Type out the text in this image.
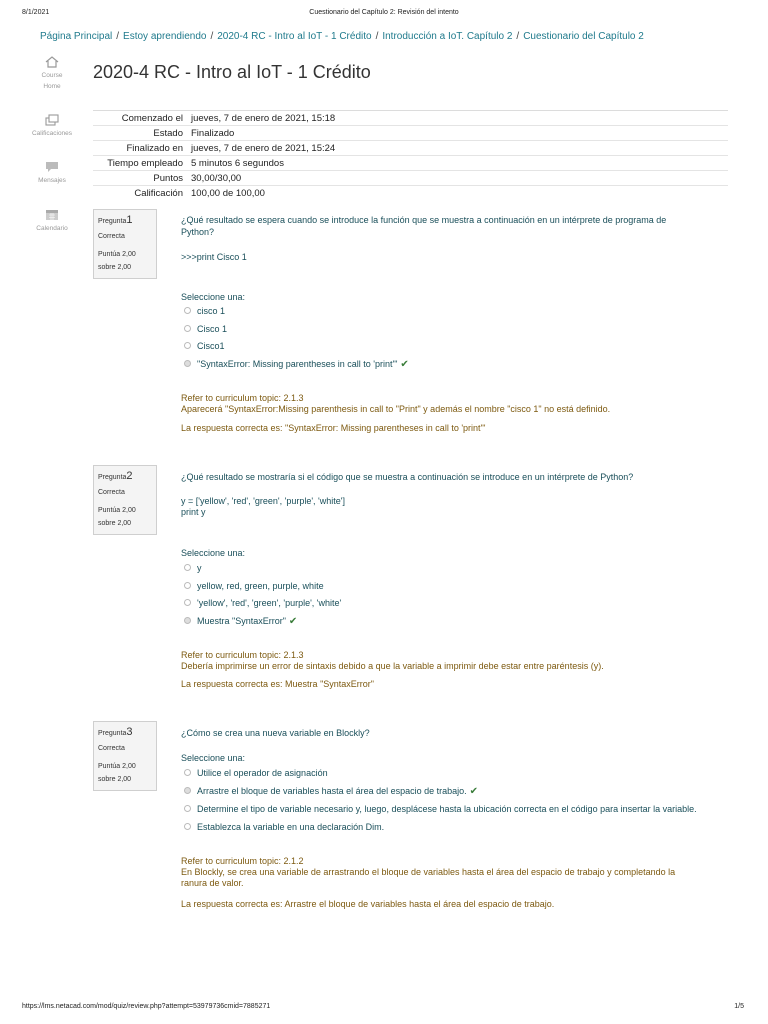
8/1/2021	Cuestionario del Capítulo 2: Revisión del intento
Página Principal / Estoy aprendiendo / 2020-4 RC - Intro al IoT - 1 Crédito / Introducción a IoT. Capítulo 2 / Cuestionario del Capítulo 2
Course
Home
Calificaciones
Mensajes
Calendario
2020-4 RC - Intro al IoT - 1 Crédito
Comenzado el	jueves, 7 de enero de 2021, 15:18
Estado	Finalizado
Finalizado en	jueves, 7 de enero de 2021, 15:24
Tiempo empleado	5 minutos 6 segundos
Puntos	30,00/30,00
Calificación	100,00 de 100,00
Pregunta1
Correcta
Puntúa 2,00
sobre 2,00
¿Qué resultado se espera cuando se introduce la función que se muestra a continuación en un intérprete de programa de Python?
>>>print Cisco 1
Seleccione una:
cisco 1
Cisco 1
Cisco1
"SyntaxError: Missing parentheses in call to 'print'" ✔
Refer to curriculum topic: 2.1.3
Aparecerá "SyntaxError:Missing parenthesis in call to "Print" y además el nombre "cisco 1" no está definido.
La respuesta correcta es: "SyntaxError: Missing parentheses in call to 'print'"
Pregunta2
Correcta
Puntúa 2,00
sobre 2,00
¿Qué resultado se mostraría si el código que se muestra a continuación se introduce en un intérprete de Python?
y = ['yellow', 'red', 'green', 'purple', 'white']
print y
Seleccione una:
y
yellow, red, green, purple, white
'yellow', 'red', 'green', 'purple', 'white'
Muestra "SyntaxError" ✔
Refer to curriculum topic: 2.1.3
Debería imprimirse un error de sintaxis debido a que la variable a imprimir debe estar entre paréntesis (y).
La respuesta correcta es: Muestra "SyntaxError"
Pregunta3
Correcta
Puntúa 2,00
sobre 2,00
¿Cómo se crea una nueva variable en Blockly?
Seleccione una:
Utilice el operador de asignación
Arrastre el bloque de variables hasta el área del espacio de trabajo. ✔
Determine el tipo de variable necesario y, luego, desplácese hasta la ubicación correcta en el código para insertar la variable.
Establezca la variable en una declaración Dim.
Refer to curriculum topic: 2.1.2
En Blockly, se crea una variable de arrastrando el bloque de variables hasta el área del espacio de trabajo y completando la ranura de valor.
La respuesta correcta es: Arrastre el bloque de variables hasta el área del espacio de trabajo.
https://lms.netacad.com/mod/quiz/review.php?attempt=53979736cmid=7885271	1/5
